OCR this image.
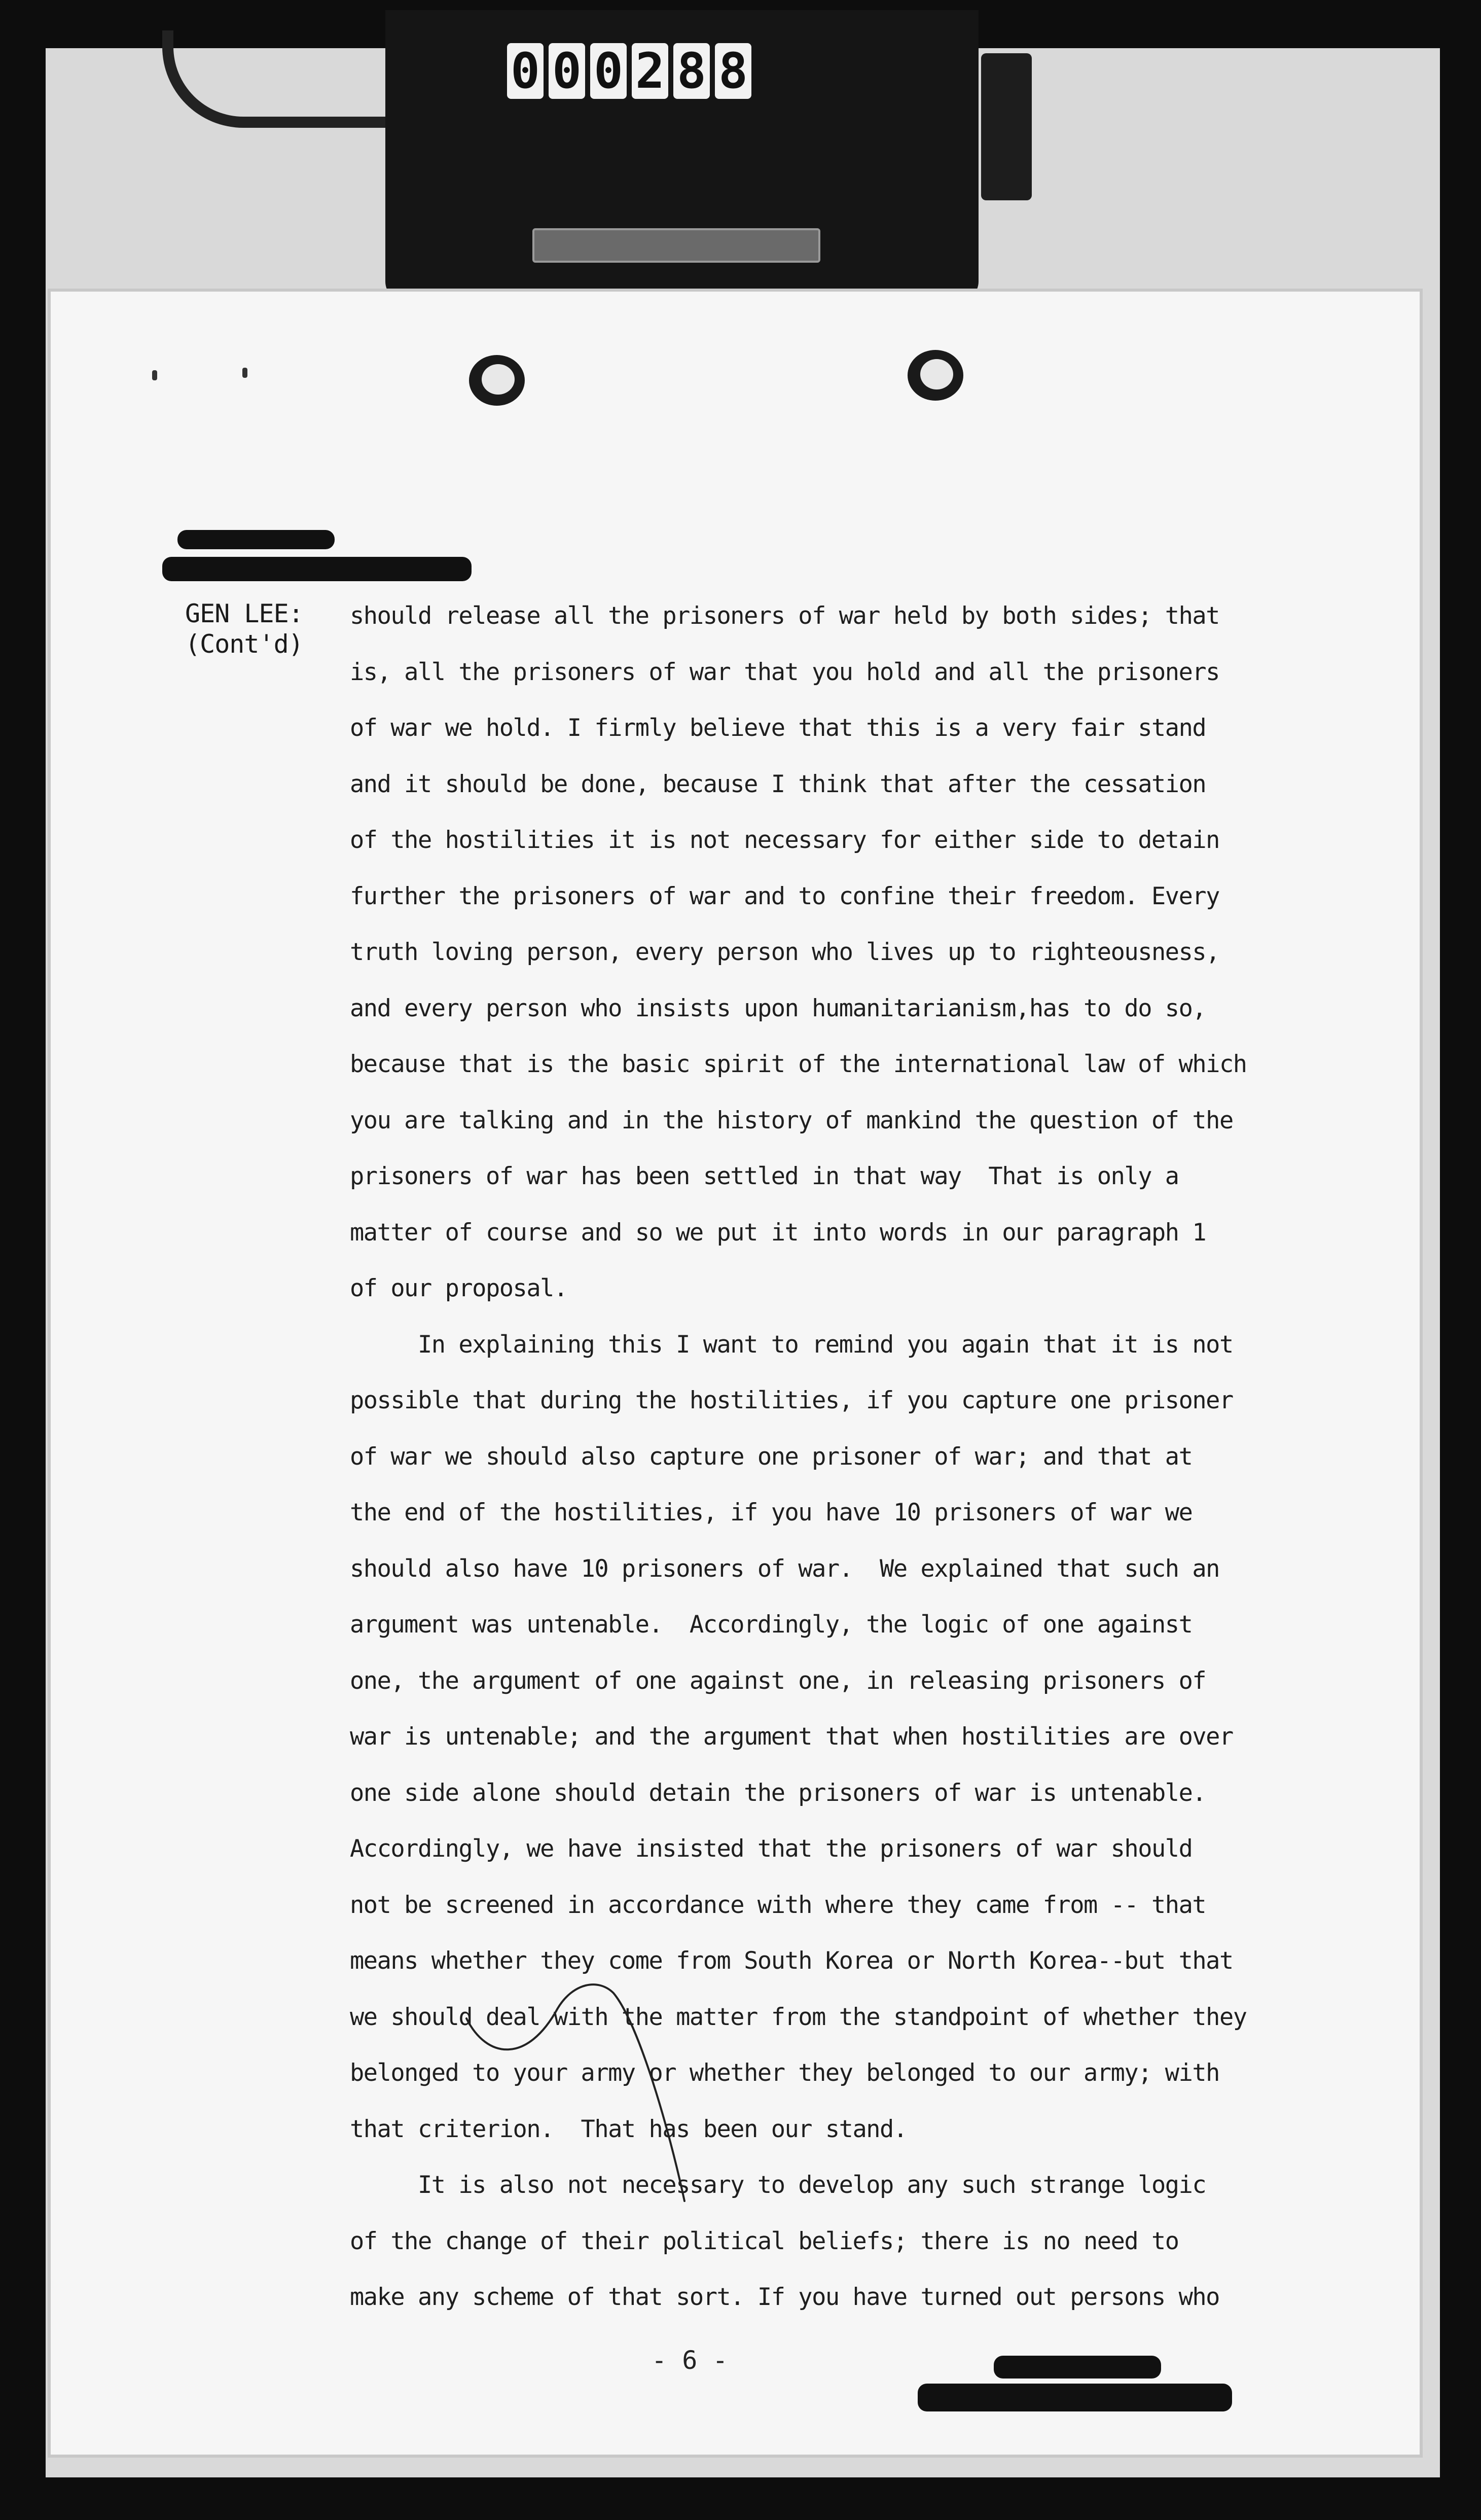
0 0 0 2 8 8
GEN LEE:
(Cont'd)
should release all the prisoners of war held by both sides; that
is, all the prisoners of war that you hold and all the prisoners
of war we hold. I firmly believe that this is a very fair stand
and it should be done, because I think that after the cessation
of the hostilities it is not necessary for either side to detain
further the prisoners of war and to confine their freedom. Every
truth loving person, every person who lives up to righteousness,
and every person who insists upon humanitarianism,has to do so,
because that is the basic spirit of the international law of which
you are talking and in the history of mankind the question of the
prisoners of war has been settled in that way  That is only a
matter of course and so we put it into words in our paragraph 1
of our proposal.
In explaining this I want to remind you again that it is not
possible that during the hostilities, if you capture one prisoner
of war we should also capture one prisoner of war; and that at
the end of the hostilities, if you have 10 prisoners of war we
should also have 10 prisoners of war.  We explained that such an
argument was untenable.  Accordingly, the logic of one against
one, the argument of one against one, in releasing prisoners of
war is untenable; and the argument that when hostilities are over
one side alone should detain the prisoners of war is untenable.
Accordingly, we have insisted that the prisoners of war should
not be screened in accordance with where they came from -- that
means whether they come from South Korea or North Korea--but that
we should deal with the matter from the standpoint of whether they
belonged to your army or whether they belonged to our army; with
that criterion.  That has been our stand.
It is also not necessary to develop any such strange logic
of the change of their political beliefs; there is no need to
make any scheme of that sort. If you have turned out persons who
- 6 -
